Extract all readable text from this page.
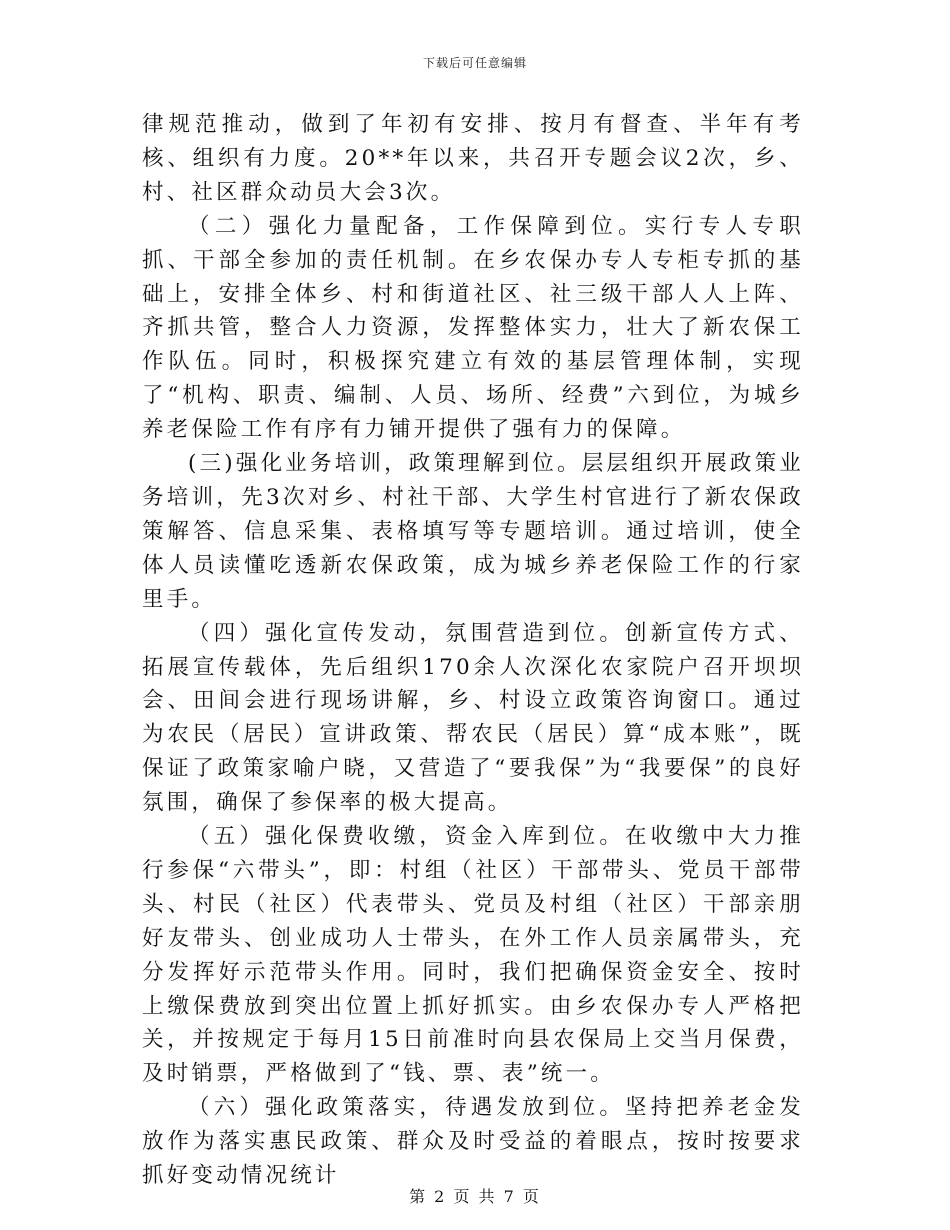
下载后可任意编辑

律规范推动，做到了年初有安排、按月有督查、半年有考核、组织有力度。20**年以来，共召开专题会议2次，乡、村、社区群众动员大会3次。

（二）强化力量配备，工作保障到位。实行专人专职抓、干部全参加的责任机制。在乡农保办专人专柜专抓的基础上，安排全体乡、村和街道社区、社三级干部人人上阵、齐抓共管，整合人力资源，发挥整体实力，壮大了新农保工作队伍。同时，积极探究建立有效的基层管理体制，实现了“机构、职责、编制、人员、场所、经费”六到位，为城乡养老保险工作有序有力铺开提供了强有力的保障。

(三)强化业务培训，政策理解到位。层层组织开展政策业务培训，先3次对乡、村社干部、大学生村官进行了新农保政策解答、信息采集、表格填写等专题培训。通过培训，使全体人员读懂吃透新农保政策，成为城乡养老保险工作的行家里手。

（四）强化宣传发动，氛围营造到位。创新宣传方式、拓展宣传载体，先后组织170余人次深化农家院户召开坝坝会、田间会进行现场讲解，乡、村设立政策咨询窗口。通过为农民（居民）宣讲政策、帮农民（居民）算“成本账”，既保证了政策家喻户晓，又营造了“要我保”为“我要保”的良好氛围，确保了参保率的极大提高。

（五）强化保费收缴，资金入库到位。在收缴中大力推行参保“六带头”，即：村组（社区）干部带头、党员干部带头、村民（社区）代表带头、党员及村组（社区）干部亲朋好友带头、创业成功人士带头，在外工作人员亲属带头，充分发挥好示范带头作用。同时，我们把确保资金安全、按时上缴保费放到突出位置上抓好抓实。由乡农保办专人严格把关，并按规定于每月15日前准时向县农保局上交当月保费，及时销票，严格做到了“钱、票、表”统一。

（六）强化政策落实，待遇发放到位。坚持把养老金发放作为落实惠民政策、群众及时受益的着眼点，按时按要求抓好变动情况统计

第 2 页 共 7 页
